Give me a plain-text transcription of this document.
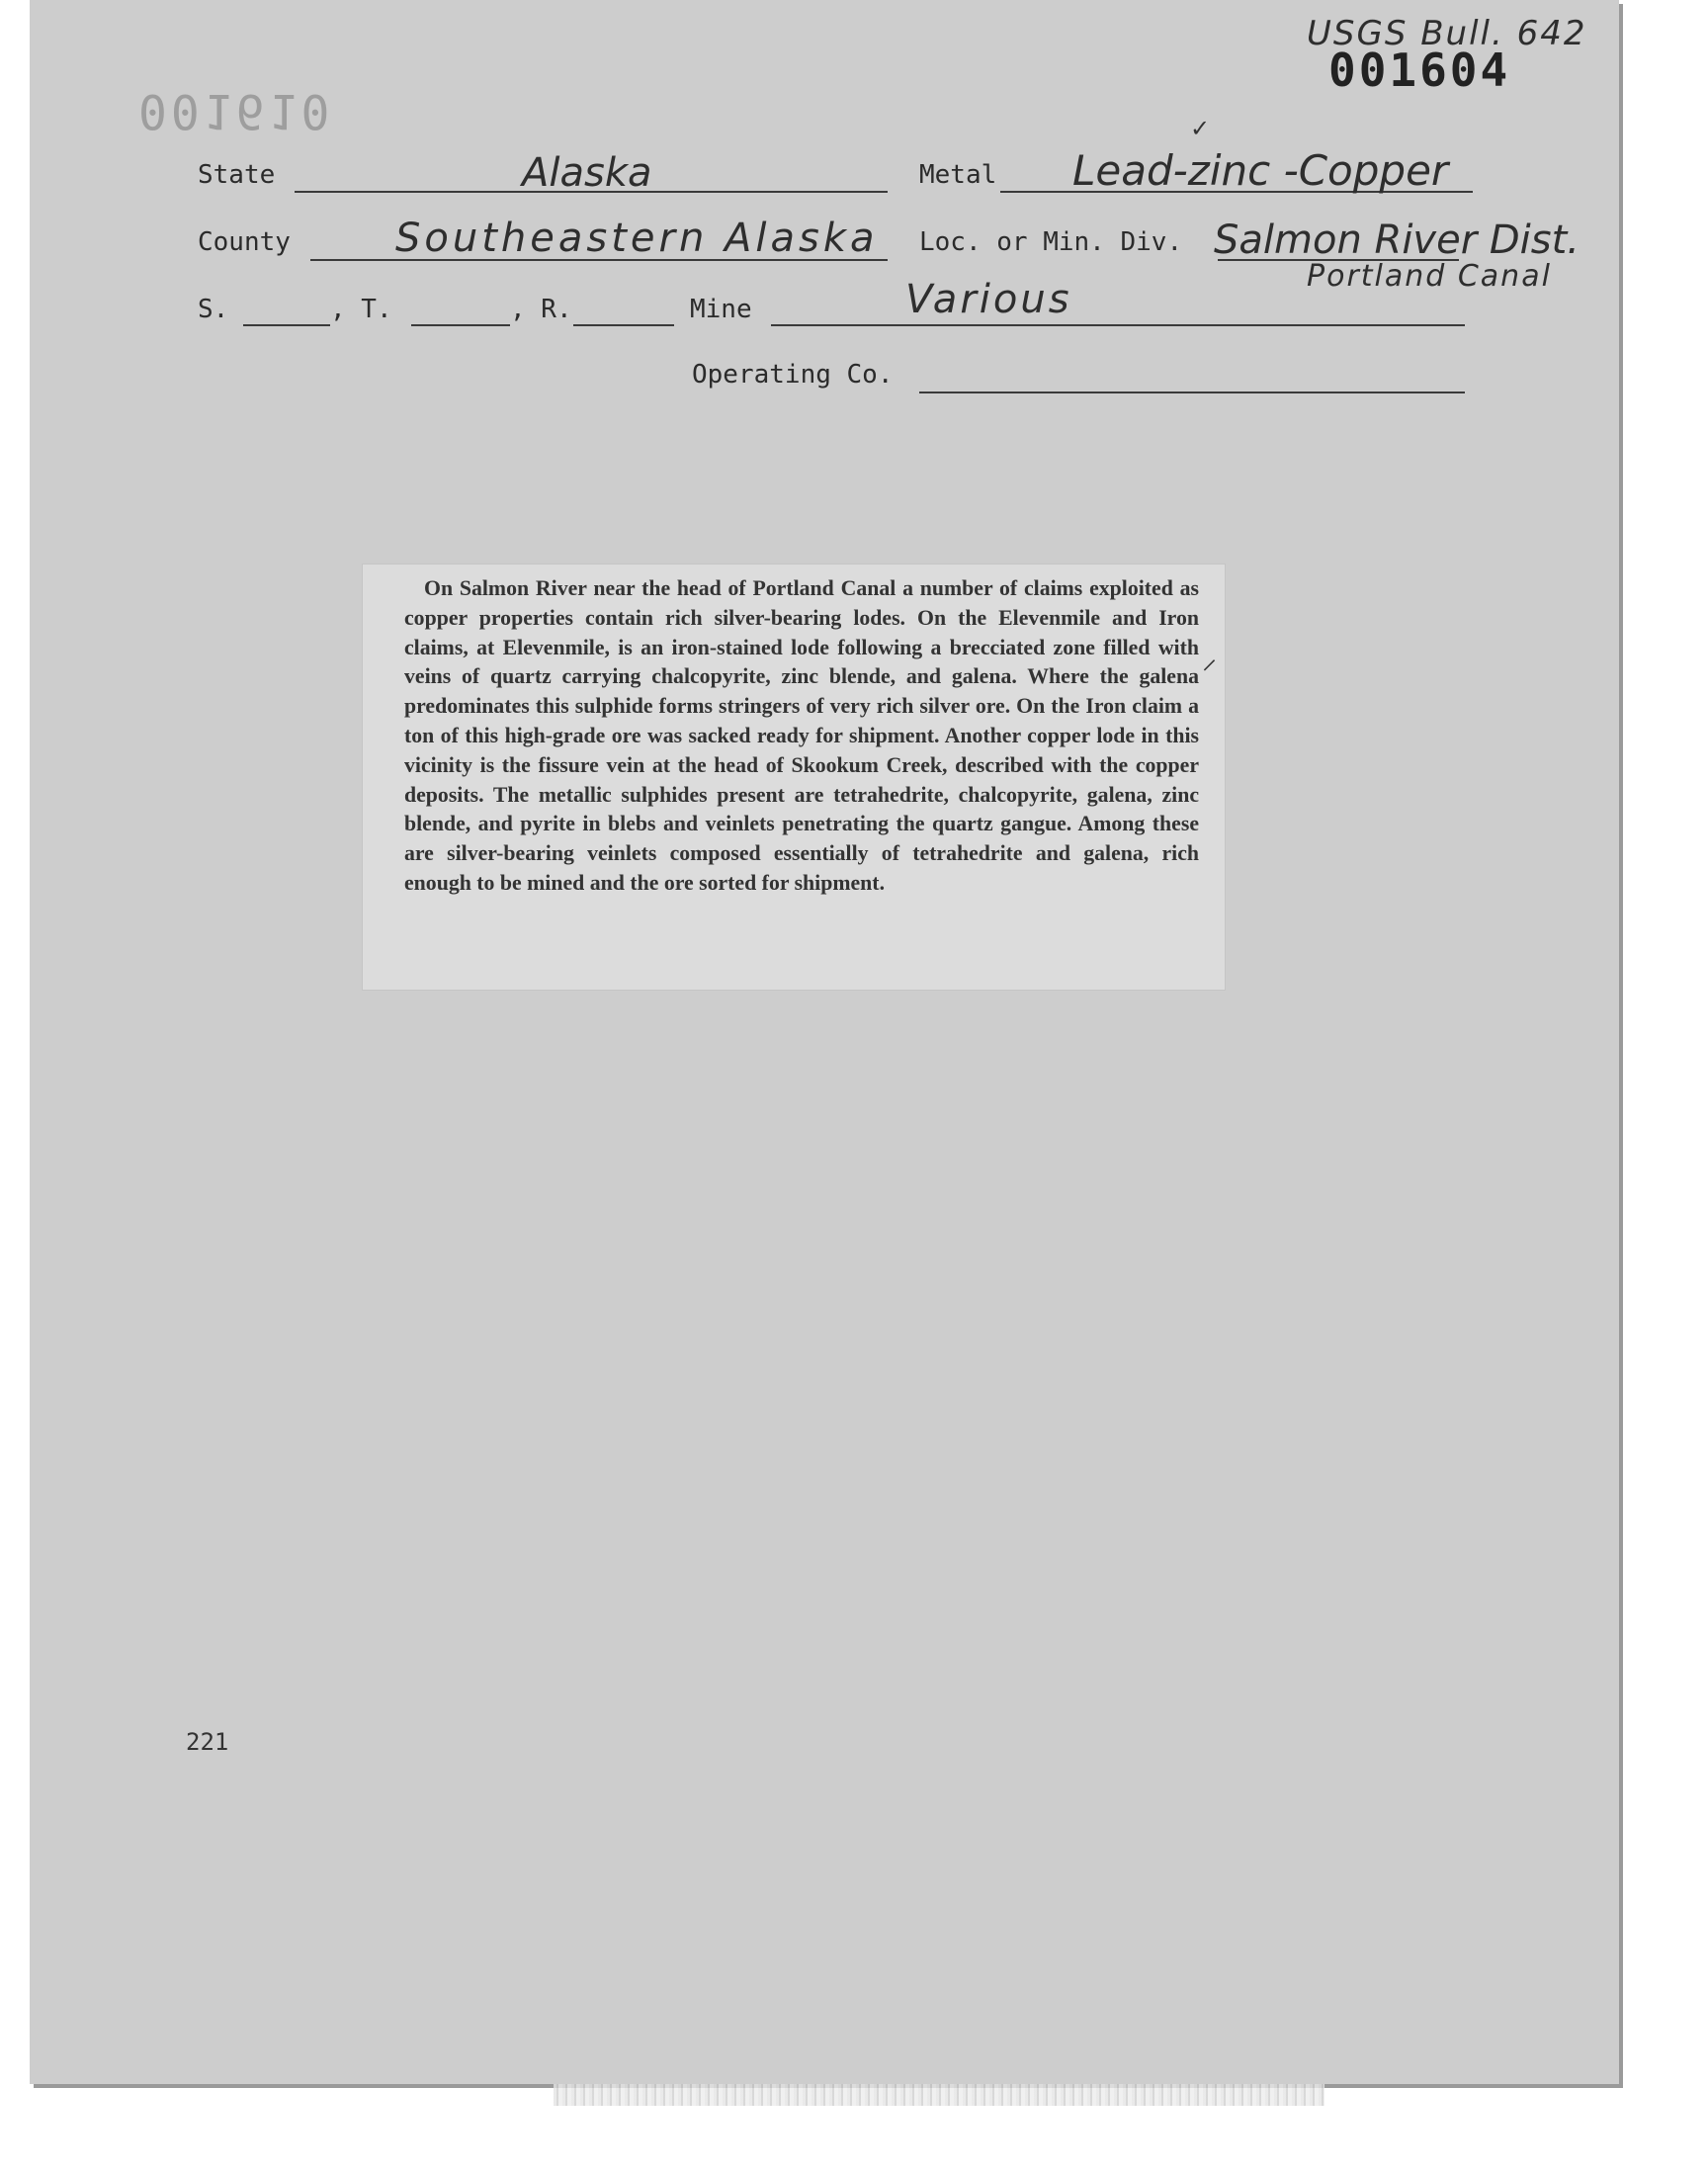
001610
USGS Bull. 642
001604
State	Alaska	Metal Lead-zinc -Copper
✓
County	Southeastern Alaska Loc. or Min. Div. Salmon River Dist.
Portland Canal
S.	, T.	, R.	Mine	Various
Operating Co.

On Salmon River near the head of Portland Canal a number of claims exploited as copper properties contain rich silver-bearing lodes. On the Elevenmile and Iron claims, at Elevenmile, is an iron-stained lode following a brecciated zone filled with veins of quartz carrying chalcopyrite, zinc blende, and galena. Where the galena predominates this sulphide forms stringers of very rich silver ore. On the Iron claim a ton of this high-grade ore was sacked ready for shipment. Another copper lode in this vicinity is the fissure vein at the head of Skookum Creek, described with the copper deposits. The metallic sulphides present are tetrahedrite, chalcopyrite, galena, zinc blende, and pyrite in blebs and veinlets penetrating the quartz gangue. Among these are silver-bearing veinlets composed essentially of tetrahedrite and galena, rich enough to be mined and the ore sorted for shipment.

⸝
221
